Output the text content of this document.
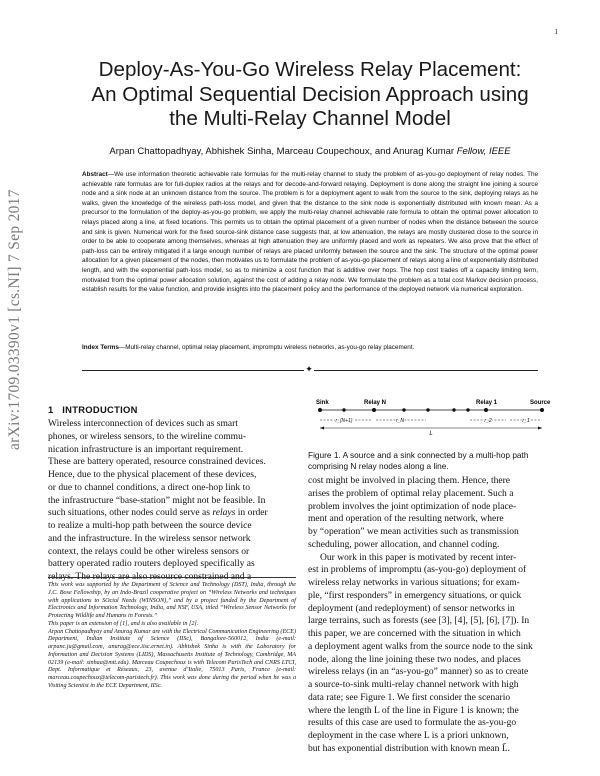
1
arXiv:1709.03390v1 [cs.NI] 7 Sep 2017
Deploy-As-You-Go Wireless Relay Placement:
An Optimal Sequential Decision Approach using
the Multi-Relay Channel Model
Arpan Chattopadhyay, Abhishek Sinha, Marceau Coupechoux, and Anurag Kumar Fellow, IEEE
Abstract—We use information theoretic achievable rate formulas for the multi-relay channel to study the problem of as-you-go deployment of relay nodes. The achievable rate formulas are for full-duplex radios at the relays and for decode-and-forward relaying. Deployment is done along the straight line joining a source node and a sink node at an unknown distance from the source. The problem is for a deployment agent to walk from the source to the sink, deploying relays as he walks, given the knowledge of the wireless path-loss model, and given that the distance to the sink node is exponentially distributed with known mean. As a precursor to the formulation of the deploy-as-you-go problem, we apply the multi-relay channel achievable rate formula to obtain the optimal power allocation to relays placed along a line, at fixed locations. This permits us to obtain the optimal placement of a given number of nodes when the distance between the source and sink is given. Numerical work for the fixed source-sink distance case suggests that, at low attenuation, the relays are mostly clustered close to the source in order to be able to cooperate among themselves, whereas at high attenuation they are uniformly placed and work as repeaters. We also prove that the effect of path-loss can be entirely mitigated if a large enough number of relays are placed uniformly between the source and the sink. The structure of the optimal power allocation for a given placement of the nodes, then motivates us to formulate the problem of as-you-go placement of relays along a line of exponentially distributed length, and with the exponential path-loss model, so as to minimize a cost function that is additive over hops. The hop cost trades off a capacity limiting term, motivated from the optimal power allocation solution, against the cost of adding a relay node. We formulate the problem as a total cost Markov decision process, establish results for the value function, and provide insights into the placement policy and the performance of the deployed network via numerical exploration.
Index Terms—Multi-relay channel, optimal relay placement, impromptu wireless networks, as-you-go relay placement.
✦
1 INTRODUCTION
Wireless interconnection of devices such as smart
phones, or wireless sensors, to the wireline commu-
nication infrastructure is an important requirement.
These are battery operated, resource constrained devices.
Hence, due to the physical placement of these devices,
or due to channel conditions, a direct one-hop link to
the infrastructure “base-station” might not be feasible. In
such situations, other nodes could serve as relays in order
to realize a multi-hop path between the source device
and the infrastructure. In the wireless sensor network
context, the relays could be other wireless sensors or
battery operated radio routers deployed specifically as
relays. The relays are also resource constrained and a
This work was supported by the Department of Science and Technology (DST), India, through the J.C. Bose Fellowship, by an Indo-Brazil cooperative project on “Wireless Networks and techniques with applications to SOcial Needs (WINSON),” and by a project funded by the Department of Electronics and Information Technology, India, and NSF, USA, titled “Wireless Sensor Networks for Protecting Wildlife and Humans in Forests.”
This paper is an extension of [1], and is also available in [2].
Arpan Chattopadhyay and Anurag Kumar are with the Electrical Communication Engineering (ECE) Department, Indian Institute of Science (IISc), Bangalore-560012, India (e-mail: arpanc.ju@gmail.com, anurag@ece.iisc.ernet.in). Abhishek Sinha is with the Laboratory for Information and Decision Systems (LIDS), Massachusetts Institute of Technology, Cambridge, MA 02139 (e-mail: sinhaa@mit.edu). Marceau Coupechoux is with Telecom ParisTech and CNRS LTCI, Dept. Informatique et Réseaux, 23, avenue d’Italie, 75013 Paris, France (e-mail: marceau.coupechoux@telecom-paristech.fr). This work was done during the period when he was a Visiting Scientist in the ECE Department, IISc.
Sink	Relay N	Relay 1	Source
r_{N+1}	r_N	r_2	r_1
L
Figure 1. A source and a sink connected by a multi-hop path comprising N relay nodes along a line.
cost might be involved in placing them. Hence, there
arises the problem of optimal relay placement. Such a
problem involves the joint optimization of node place-
ment and operation of the resulting network, where
by “operation” we mean activities such as transmission
scheduling, power allocation, and channel coding.
Our work in this paper is motivated by recent inter-
est in problems of impromptu (as-you-go) deployment of
wireless relay networks in various situations; for exam-
ple, “first responders” in emergency situations, or quick
deployment (and redeployment) of sensor networks in
large terrains, such as forests (see [3], [4], [5], [6], [7]). In
this paper, we are concerned with the situation in which
a deployment agent walks from the source node to the sink
node, along the line joining these two nodes, and places
wireless relays (in an “as-you-go” manner) so as to create
a source-to-sink multi-relay channel network with high
data rate; see Figure 1. We first consider the scenario
where the length L of the line in Figure 1 is known; the
results of this case are used to formulate the as-you-go
deployment in the case where L is a priori unknown,
but has exponential distribution with known mean L̄.
